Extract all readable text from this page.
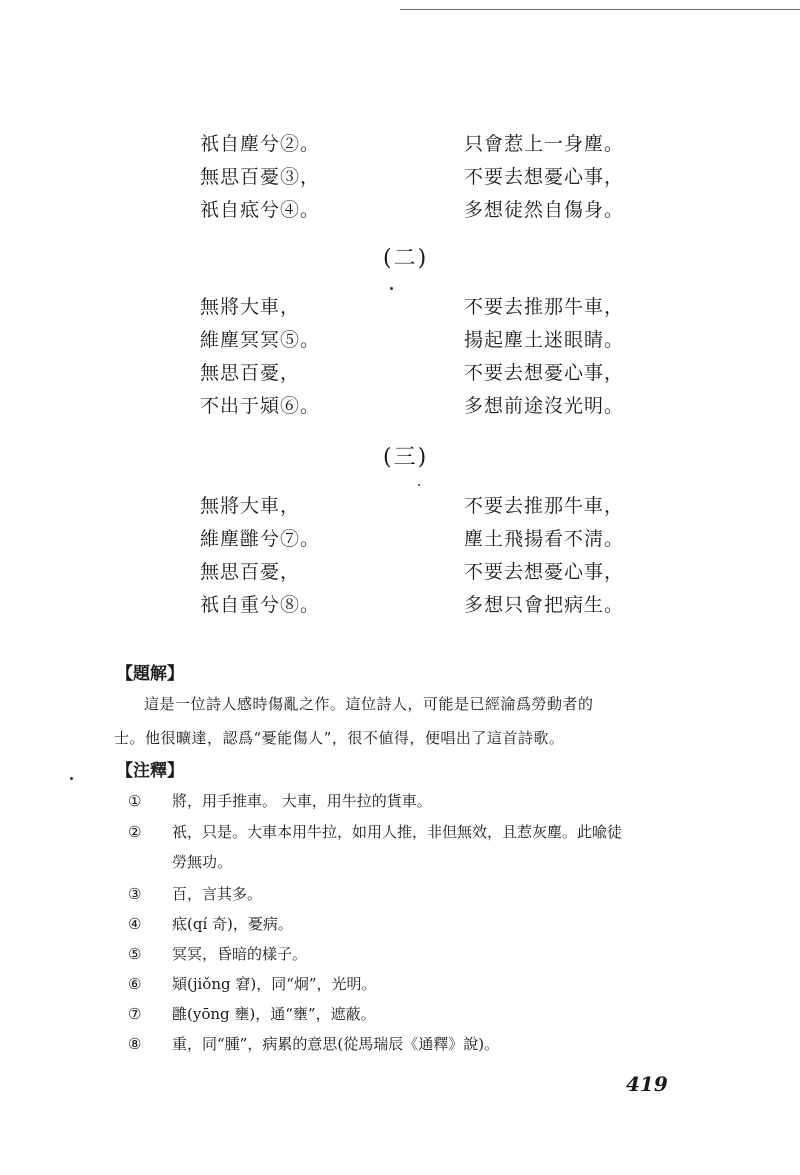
祇自塵兮②。	只會惹上一身塵。
無思百憂③，	不要去想憂心事，
祇自疷兮④。	多想徒然自傷身。
(二)
無將大車，	不要去推那牛車，
維塵冥冥⑤。	揚起塵土迷眼睛。
無思百憂，	不要去想憂心事，
不出于熲⑥。	多想前途沒光明。
(三)
無將大車，	不要去推那牛車，
維塵雝兮⑦。	塵土飛揚看不淸。
無思百憂，	不要去想憂心事，
祇自重兮⑧。	多想只會把病生。
【題解】
這是一位詩人感時傷亂之作。這位詩人，可能是已經淪爲勞動者的
士。他很曠達，認爲“憂能傷人”，很不値得，便唱出了這首詩歌。
【注釋】
①	將，用手推車。 大車，用牛拉的貨車。
②	祇，只是。大車本用牛拉，如用人推，非但無效，且惹灰塵。此喩徒
勞無功。
③	百，言其多。
④	疷(qí 奇)，憂病。
⑤	冥冥，昏暗的樣子。
⑥	熲(jiǒng 窘)，同“炯”，光明。
⑦	雝(yōng 壅)，通“壅”，遮蔽。
⑧	重，同“腫”，病累的意思(從馬瑞辰《通釋》說)。
419
